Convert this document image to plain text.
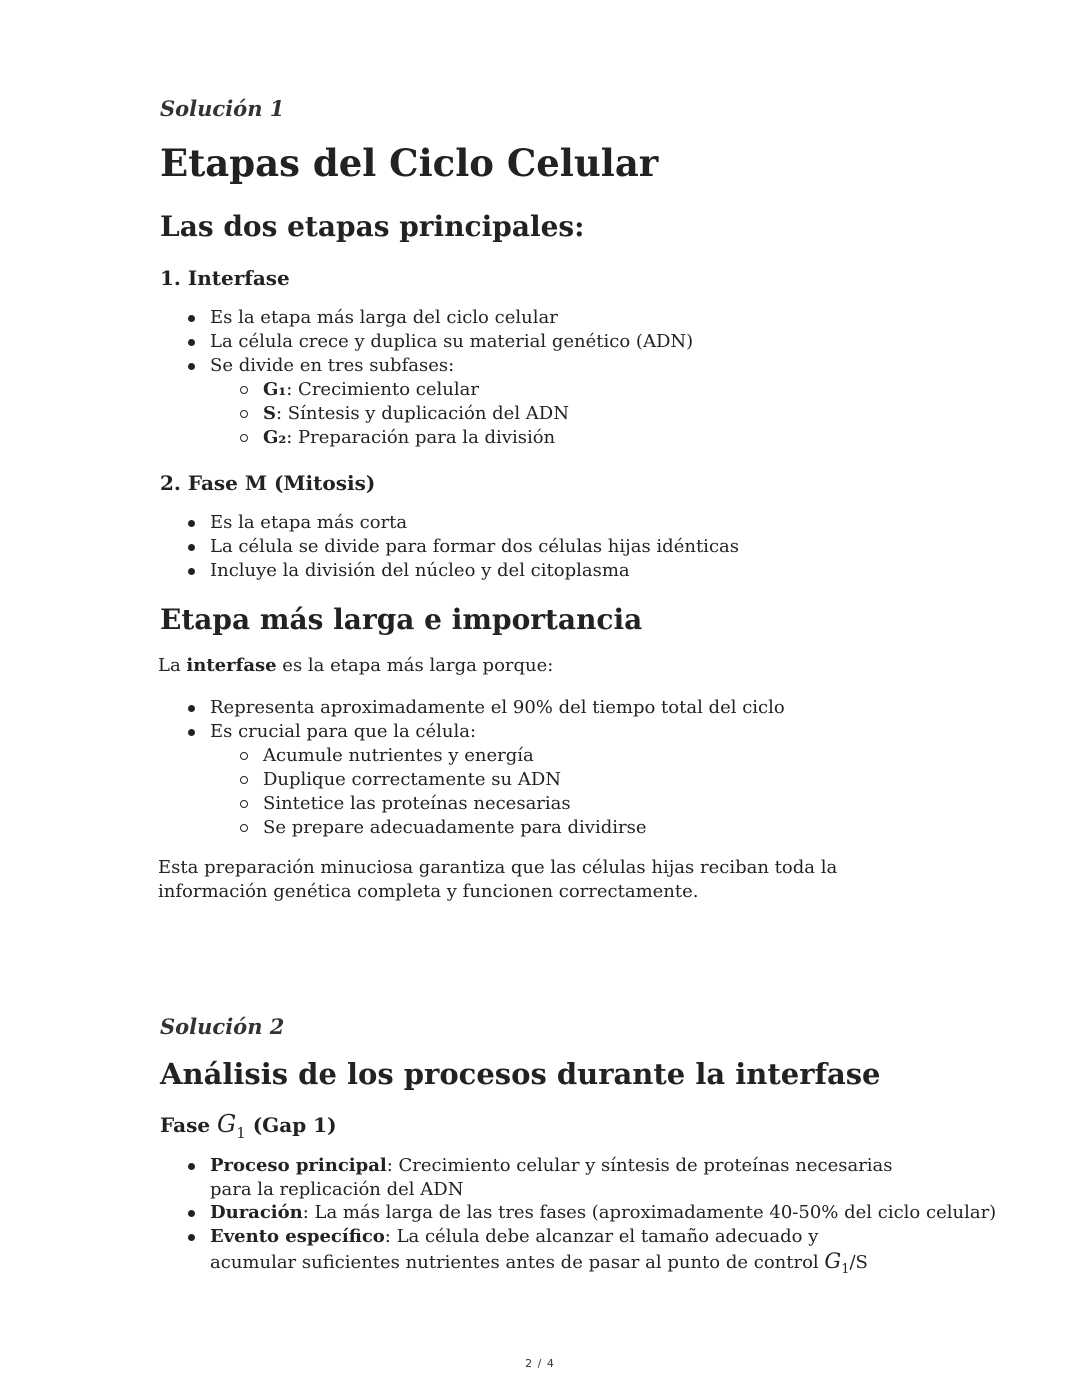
Solución 1

Etapas del Ciclo Celular
Las dos etapas principales:
1. Interfase
Es la etapa más larga del ciclo celular
La célula crece y duplica su material genético (ADN)
Se divide en tres subfases:
G₁: Crecimiento celular
S: Síntesis y duplicación del ADN
G₂: Preparación para la división
2. Fase M (Mitosis)
Es la etapa más corta
La célula se divide para formar dos células hijas idénticas
Incluye la división del núcleo y del citoplasma
Etapa más larga e importancia

La interfase es la etapa más larga porque:

Representa aproximadamente el 90% del tiempo total del ciclo
Es crucial para que la célula:
Acumule nutrientes y energía
Duplique correctamente su ADN
Sintetice las proteínas necesarias
Se prepare adecuadamente para dividirse

Esta preparación minuciosa garantiza que las células hijas reciban toda la información genética completa y funcionen correctamente.

Solución 2

Análisis de los procesos durante la interfase
Fase $G_1$ (Gap 1)
Proceso principal: Crecimiento celular y síntesis de proteínas necesarias para la replicación del ADN
Duración: La más larga de las tres fases (aproximadamente 40-50% del ciclo celular)
Evento específico: La célula debe alcanzar el tamaño adecuado y acumular suficientes nutrientes antes de pasar al punto de control $G_1/S$

2 / 4
